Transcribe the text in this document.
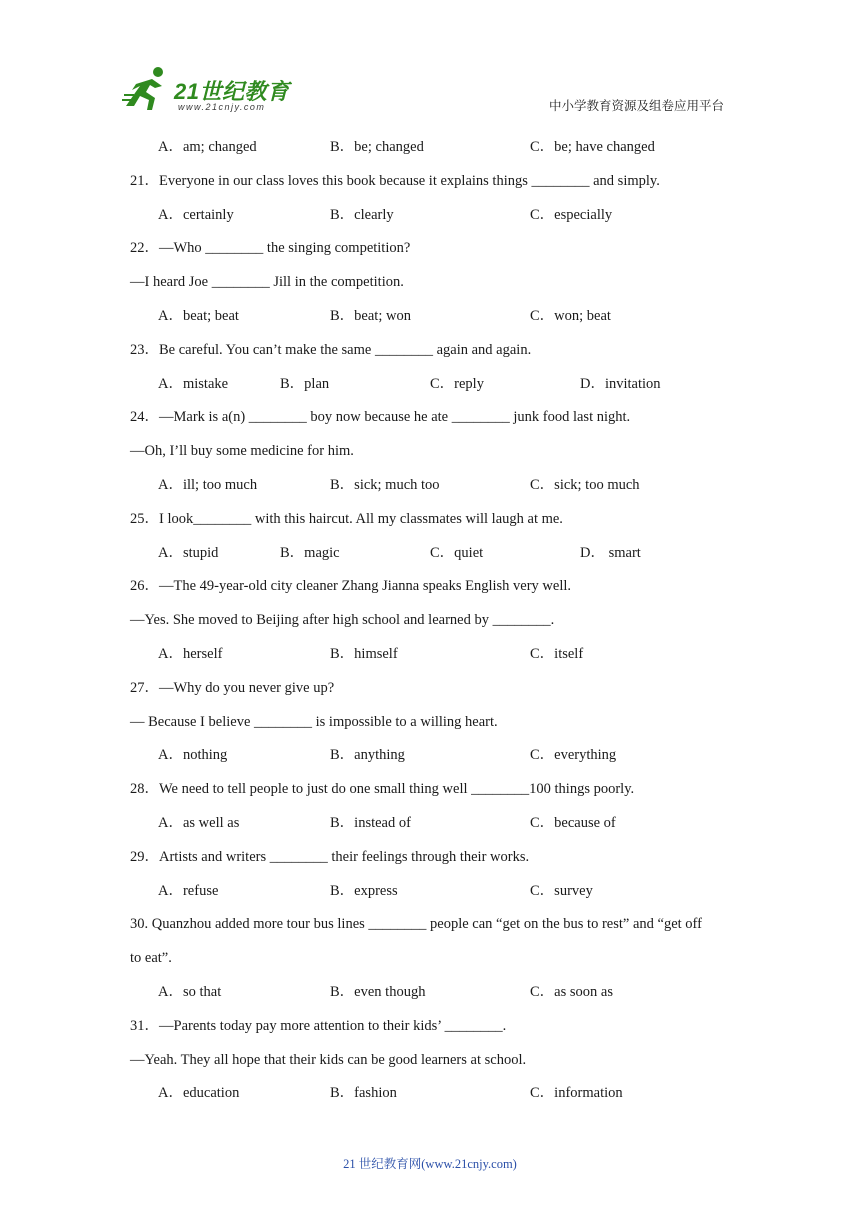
21世纪教育
www.21cnjy.com	中小学教育资源及组卷应用平台
A．am; changed	B．be; changed	C．be; have changed
21．Everyone in our class loves this book because it explains things ________ and simply.
A．certainly	B．clearly	C．especially
22．—Who ________ the singing competition?
—I heard Joe ________ Jill in the competition.
A．beat; beat	B．beat; won	C．won; beat
23．Be careful. You can’t make the same ________ again and again.
A．mistake	B．plan	C．reply	D．invitation
24．—Mark is a(n) ________ boy now because he ate ________ junk food last night.
—Oh, I’ll buy some medicine for him.
A．ill; too much	B．sick; much too	C．sick; too much
25．I look________ with this haircut. All my classmates will laugh at me.
A．stupid	B．magic	C．quiet	D． smart
26．—The 49-year-old city cleaner Zhang Jianna speaks English very well.
—Yes. She moved to Beijing after high school and learned by ________.
A．herself	B．himself	C．itself
27．—Why do you never give up?
— Because I believe ________ is impossible to a willing heart.
A．nothing	B．anything	C．everything
28．We need to tell people to just do one small thing well ________100 things poorly.
A．as well as	B．instead of	C．because of
29．Artists and writers ________ their feelings through their works.
A．refuse	B．express	C．survey
30. Quanzhou added more tour bus lines ________ people can “get on the bus to rest” and “get off
to eat”.
A．so that	B．even though	C．as soon as
31．—Parents today pay more attention to their kids’ ________.
—Yeah. They all hope that their kids can be good learners at school.
A．education	B．fashion	C．information
21 世纪教育网(www.21cnjy.com)
